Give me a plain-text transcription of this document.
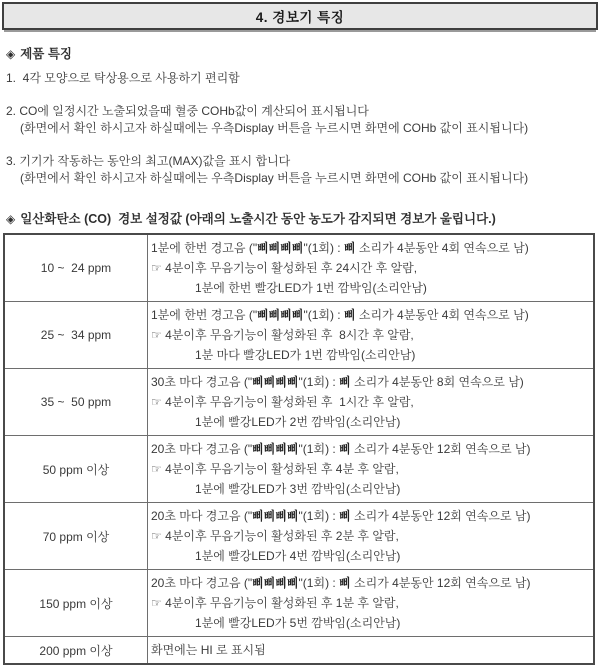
4. 경보기 특징
◈ 제품 특징
1.  4각 모양으로 탁상용으로 사용하기 편리함
2. CO에 일정시간 노출되었을때 혈중 COHb값이 계산되어 표시됩니다
(화면에서 확인 하시고자 하실때에는 우측Display 버튼을 누르시면 화면에 COHb 값이 표시됩니다)
3. 기기가 작동하는 동안의 최고(MAX)값을 표시 합니다
(화면에서 확인 하시고자 하실때에는 우측Display 버튼을 누르시면 화면에 COHb 값이 표시됩니다)
◈ 일산화탄소 (CO)  경보 설정값 (아래의 노출시간 동안 농도가 감지되면 경보가 울립니다.)
10 ~  24 ppm	1분에 한번 경고음 ("삐삐삐삐"(1회) : 삐 소리가 4분동안 4회 연속으로 남)
☞ 4분이후 무음기능이 활성화된 후 24시간 후 알람,
1분에 한번 빨강LED가 1번 깜박임(소리안남)

25 ~  34 ppm	1분에 한번 경고음 ("삐삐삐삐"(1회) : 삐 소리가 4분동안 4회 연속으로 남)
☞ 4분이후 무음기능이 활성화된 후  8시간 후 알람,
1분 마다 빨강LED가 1번 깜박임(소리안남)

35 ~  50 ppm	30초 마다 경고음 ("삐삐삐삐"(1회) : 삐 소리가 4분동안 8회 연속으로 남)
☞ 4분이후 무음기능이 활성화된 후  1시간 후 알람,
1분에 빨강LED가 2번 깜박임(소리안남)

50 ppm 이상	20초 마다 경고음 ("삐삐삐삐"(1회) : 삐 소리가 4분동안 12회 연속으로 남)
☞ 4분이후 무음기능이 활성화된 후 4분 후 알람,
1분에 빨강LED가 3번 깜박임(소리안남)

70 ppm 이상	20초 마다 경고음 ("삐삐삐삐"(1회) : 삐 소리가 4분동안 12회 연속으로 남)
☞ 4분이후 무음기능이 활성화된 후 2분 후 알람,
1분에 빨강LED가 4번 깜박임(소리안남)

150 ppm 이상	20초 마다 경고음 ("삐삐삐삐"(1회) : 삐 소리가 4분동안 12회 연속으로 남)
☞ 4분이후 무음기능이 활성화된 후 1분 후 알람,
1분에 빨강LED가 5번 깜박임(소리안남)

200 ppm 이상	화면에는 HI 로 표시됨
